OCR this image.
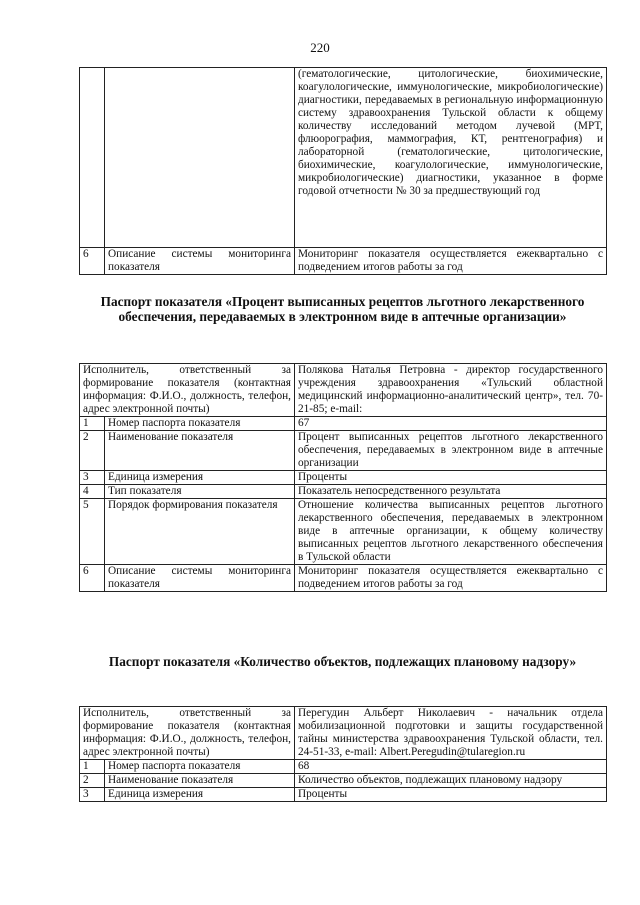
220
		(гематологические, цитологические, биохимические, коагулологические, иммунологические, микробиологические) диагностики, передаваемых в региональную информационную систему здравоохранения Тульской области к общему количеству исследований методом лучевой (МРТ, флюорография, маммография, КТ, рентгенография) и лабораторной (гематологические, цитологические, биохимические, коагулологические, иммунологические, микробиологические) диагностики, указанное в форме годовой отчетности № 30 за предшествующий год
6	Описание системы мониторинга показателя	Мониторинг показателя осуществляется ежеквартально с подведением итогов работы за год
Паспорт показателя «Процент выписанных рецептов льготного лекарственного обеспечения, передаваемых в электронном виде в аптечные организации»
Исполнитель, ответственный за формирование показателя (контактная информация: Ф.И.О., должность, телефон, адрес электронной почты)		Полякова Наталья Петровна - директор государственного учреждения здравоохранения «Тульский областной медицинский информационно-аналитический центр», тел. 70-21-85; e-mail:
1	Номер паспорта показателя	67
2	Наименование показателя	Процент выписанных рецептов льготного лекарственного обеспечения, передаваемых в электронном виде в аптечные организации
3	Единица измерения	Проценты
4	Тип показателя	Показатель непосредственного результата
5	Порядок формирования показателя	Отношение количества выписанных рецептов льготного лекарственного обеспечения, передаваемых в электронном виде в аптечные организации, к общему количеству выписанных рецептов льготного лекарственного обеспечения в Тульской области
6	Описание системы мониторинга показателя	Мониторинг показателя осуществляется ежеквартально с подведением итогов работы за год
Паспорт показателя «Количество объектов, подлежащих плановому надзору»
Исполнитель, ответственный за формирование показателя (контактная информация: Ф.И.О., должность, телефон, адрес электронной почты)		Перегудин Альберт Николаевич - начальник отдела мобилизационной подготовки и защиты государственной тайны министерства здравоохранения Тульской области, тел. 24-51-33, e-mail: Albert.Peregudin@tularegion.ru
1	Номер паспорта показателя	68
2	Наименование показателя	Количество объектов, подлежащих плановому надзору
3	Единица измерения	Проценты
